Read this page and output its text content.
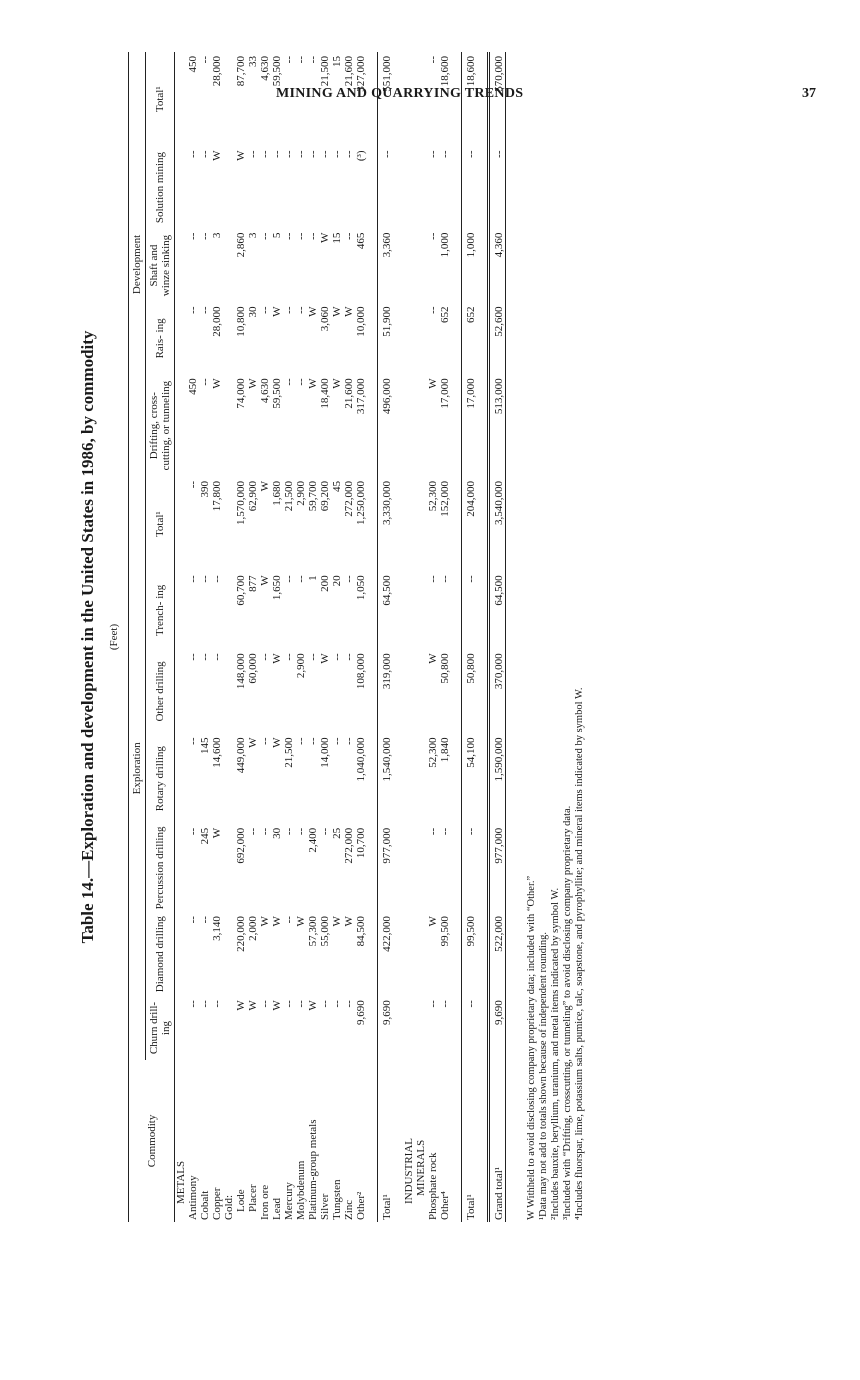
MINING AND QUARRYING TRENDS	37
Table 14.—Exploration and development in the United States in 1986, by commodity (Feet)
Commodity	Exploration							Development				
	Churn drill- ing	Diamond drilling	Percussion drilling	Rotary drilling	Other drilling	Trench- ing	Total¹	Drifting, cross- cutting, or tunneling	Rais- ing	Shaft and winze sinking	Solution mining	Total¹
METALS												
Antimony	--	--	--	--	--	--	--	450	--	--	--	450
Cobalt	--	--	245	145	--	--	390	--	--	--	--	--
Copper	--	3,140	W	14,600	--	--	17,800	W	28,000	3	W	28,000
Gold:												
Lode	W	220,000	692,000	449,000	148,000	60,700	1,570,000	74,000	10,800	2,860	W	87,700
Placer	W	2,000	--	W	60,000	877	62,900	W	30	3	--	33
Iron ore	--	W	--	--	--	W	W	4,630	--	--	--	4,630
Lead	W	W	30	W	W	1,650	1,680	59,500	W	5	--	59,500
Mercury	--	--	--	21,500	--	--	21,500	--	--	--	--	--
Molybdenum	--	W	--	--	2,900	--	2,900	--	--	--	--	--
Platinum-group metals	W	57,300	2,400	--	--	1	59,700	W	W	--	--	--
Silver	--	55,000	--	14,000	W	200	69,200	18,400	3,060	W	--	21,500
Tungsten	--	W	25	--	--	20	45	W	W	15	--	15
Zinc	--	W	272,000	--	--	--	272,000	21,600	W	--	--	21,600
Other²	9,690	84,500	10,700	1,040,000	108,000	1,050	1,250,000	317,000	10,000	465	(³)	327,000

Total¹	9,690	422,000	977,000	1,540,000	319,000	64,500	3,330,000	496,000	51,900	3,360	--	551,000

INDUSTRIAL												
MINERALS												
Phosphate rock	--	W	--	52,300	W	--	52,300	W	--	--	--	--
Other⁴	--	99,500	--	1,840	50,800	--	152,000	17,000	652	1,000	--	18,600

Total¹	--	99,500	--	54,100	50,800	--	204,000	17,000	652	1,000	--	18,600

Grand total¹	9,690	522,000	977,000	1,590,000	370,000	64,500	3,540,000	513,000	52,600	4,360	--	570,000
W Withheld to avoid disclosing company proprietary data; included with “Other.” ¹Data may not add to totals shown because of independent rounding. ²Includes bauxite, beryllium, uranium, and metal items indicated by symbol W. ³Included with “Drifting, crosscutting, or tunneling” to avoid disclosing company proprietary data. ⁴Includes fluorspar, lime, potassium salts, pumice, talc, soapstone, and pyrophyllite; and mineral items indicated by symbol W.
